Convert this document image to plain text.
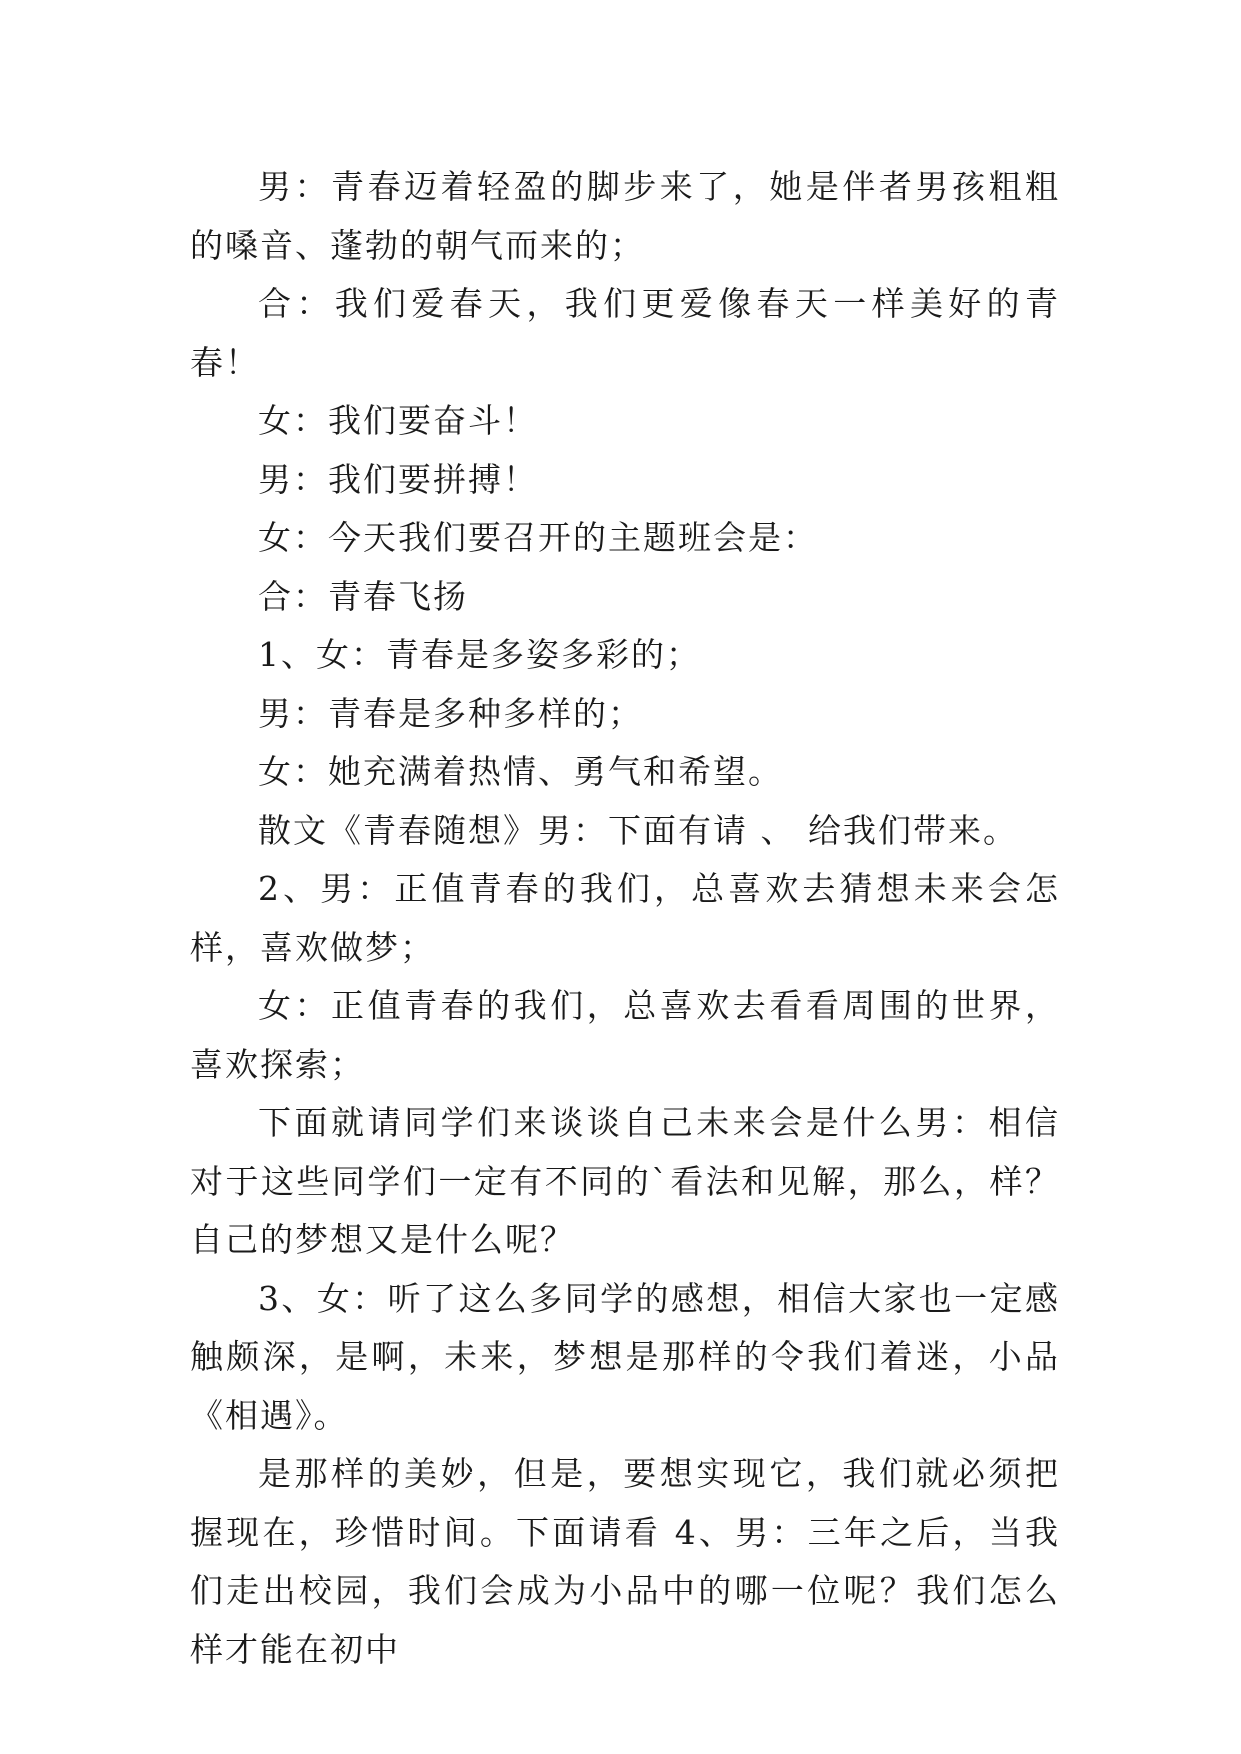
男：青春迈着轻盈的脚步来了，她是伴者男孩粗粗的嗓音、蓬勃的朝气而来的；

合：我们爱春天，我们更爱像春天一样美好的青春！

女：我们要奋斗！

男：我们要拼搏！

女：今天我们要召开的主题班会是：

合：青春飞扬

1、女：青春是多姿多彩的；

男：青春是多种多样的；

女：她充满着热情、勇气和希望。

散文《青春随想》男：下面有请 、 给我们带来。

2、男：正值青春的我们，总喜欢去猜想未来会怎样，喜欢做梦；

女：正值青春的我们，总喜欢去看看周围的世界，喜欢探索；

下面就请同学们来谈谈自己未来会是什么男：相信对于这些同学们一定有不同的`看法和见解，那么，样？自己的梦想又是什么呢？

3、女：听了这么多同学的感想，相信大家也一定感触颇深，是啊，未来，梦想是那样的令我们着迷，小品《相遇》。

是那样的美妙，但是，要想实现它，我们就必须把握现在，珍惜时间。下面请看 4、男：三年之后，当我们走出校园，我们会成为小品中的哪一位呢？我们怎么样才能在初中
